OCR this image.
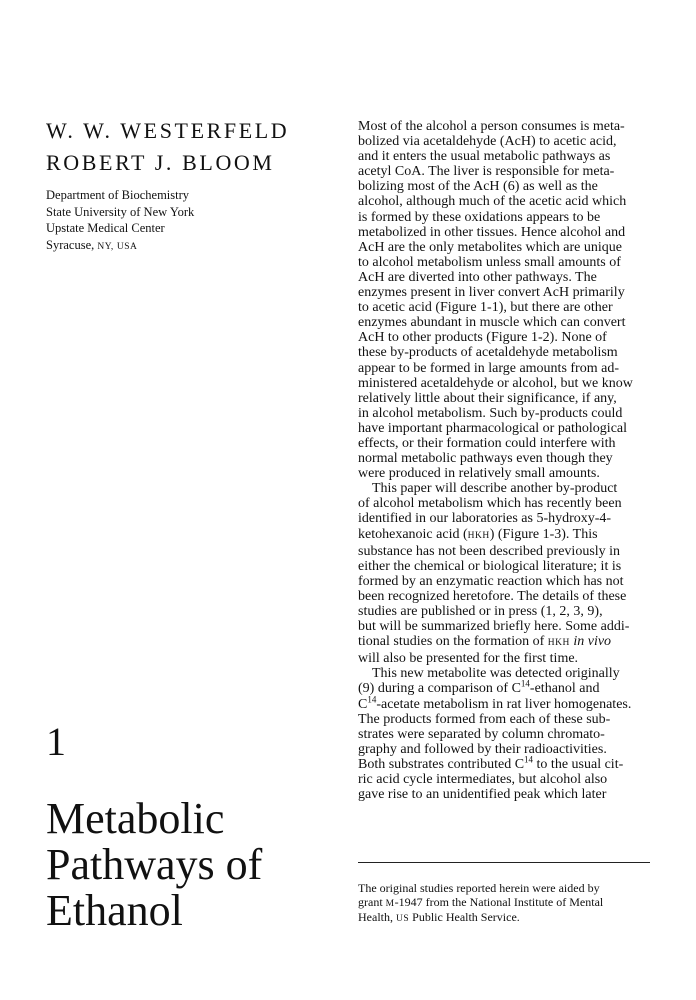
W. W. WESTERFELD
ROBERT J. BLOOM
Department of Biochemistry
State University of New York
Upstate Medical Center
Syracuse, NY, USA
1
Metabolic
Pathways of
Ethanol

Most of the alcohol a person consumes is meta-
bolized via acetaldehyde (AcH) to acetic acid,
and it enters the usual metabolic pathways as
acetyl CoA. The liver is responsible for meta-
bolizing most of the AcH (6) as well as the
alcohol, although much of the acetic acid which
is formed by these oxidations appears to be
metabolized in other tissues. Hence alcohol and
AcH are the only metabolites which are unique
to alcohol metabolism unless small amounts of
AcH are diverted into other pathways. The
enzymes present in liver convert AcH primarily
to acetic acid (Figure 1-1), but there are other
enzymes abundant in muscle which can convert
AcH to other products (Figure 1-2). None of
these by-products of acetaldehyde metabolism
appear to be formed in large amounts from ad-
ministered acetaldehyde or alcohol, but we know
relatively little about their significance, if any,
in alcohol metabolism. Such by-products could
have important pharmacological or pathological
effects, or their formation could interfere with
normal metabolic pathways even though they
were produced in relatively small amounts.

This paper will describe another by-product
of alcohol metabolism which has recently been
identified in our laboratories as 5-hydroxy-4-
ketohexanoic acid (HKH) (Figure 1-3). This
substance has not been described previously in
either the chemical or biological literature; it is
formed by an enzymatic reaction which has not
been recognized heretofore. The details of these
studies are published or in press (1, 2, 3, 9),
but will be summarized briefly here. Some addi-
tional studies on the formation of HKH in vivo
will also be presented for the first time.

This new metabolite was detected originally
(9) during a comparison of $C^{14}$-ethanol and
$C^{14}$-acetate metabolism in rat liver homogenates.
The products formed from each of these sub-
strates were separated by column chromato-
graphy and followed by their radioactivities.
Both substrates contributed $C^{14}$ to the usual cit-
ric acid cycle intermediates, but alcohol also
gave rise to an unidentified peak which later

The original studies reported herein were aided by
grant M-1947 from the National Institute of Mental
Health, US Public Health Service.
